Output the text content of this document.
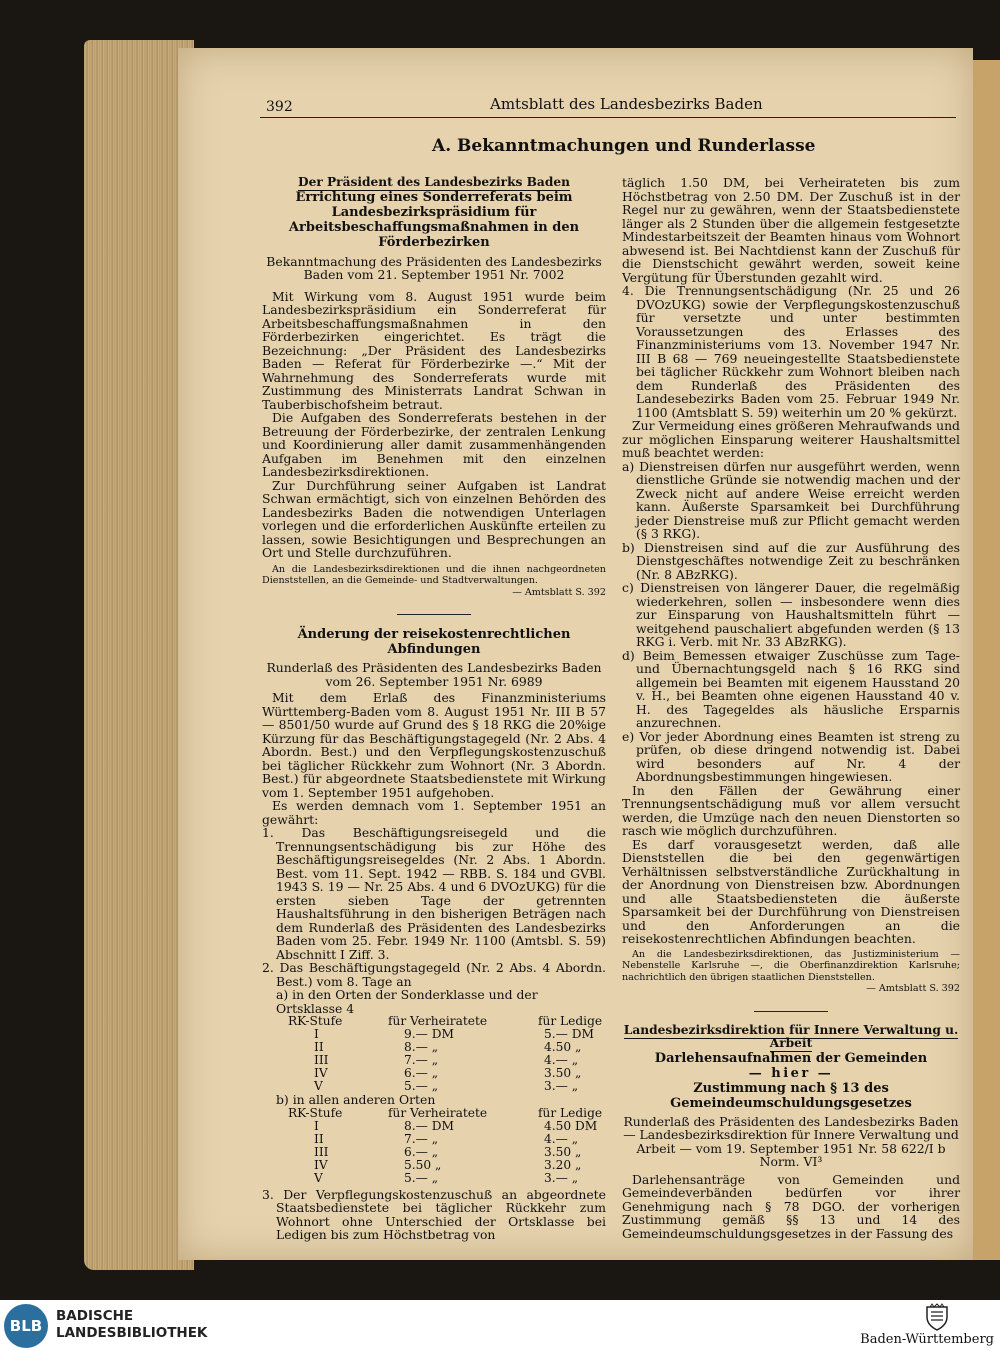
392	Amtsblatt des Landesbezirks Baden
A. Bekanntmachungen und Runderlasse

Der Präsident des Landesbezirks Baden

Errichtung eines Sonderreferats beim Landesbezirkspräsidium für Arbeitsbeschaffungsmaßnahmen in den Förderbezirken

Bekanntmachung des Präsidenten des Landesbezirks Baden vom 21. September 1951 Nr. 7002

Mit Wirkung vom 8. August 1951 wurde beim Landesbezirkspräsidium ein Sonderreferat für Arbeitsbeschaffungsmaßnahmen in den Förderbezirken eingerichtet. Es trägt die Bezeichnung: „Der Präsident des Landesbezirks Baden — Referat für Förderbezirke —.“ Mit der Wahrnehmung des Sonderreferats wurde mit Zustimmung des Ministerrats Landrat Schwan in Tauberbischofsheim betraut.

Die Aufgaben des Sonderreferats bestehen in der Betreuung der Förderbezirke, der zentralen Lenkung und Koordinierung aller damit zusammenhängenden Aufgaben im Benehmen mit den einzelnen Landesbezirksdirektionen.

Zur Durchführung seiner Aufgaben ist Landrat Schwan ermächtigt, sich von einzelnen Behörden des Landesbezirks Baden die notwendigen Unterlagen vorlegen und die erforderlichen Auskünfte erteilen zu lassen, sowie Besichtigungen und Besprechungen an Ort und Stelle durchzuführen.

An die Landesbezirksdirektionen und die ihnen nachgeordneten Dienststellen, an die Gemeinde- und Stadtverwaltungen.

— Amtsblatt S. 392

Änderung der reisekostenrechtlichen Abfindungen

Runderlaß des Präsidenten des Landesbezirks Baden vom 26. September 1951 Nr. 6989

Mit dem Erlaß des Finanzministeriums Württemberg-Baden vom 8. August 1951 Nr. III B 57 — 8501/50 wurde auf Grund des § 18 RKG die 20%ige Kürzung für das Beschäftigungstagegeld (Nr. 2 Abs. 4 Abordn. Best.) und den Verpflegungskostenzuschuß bei täglicher Rückkehr zum Wohnort (Nr. 3 Abordn. Best.) für abgeordnete Staatsbedienstete mit Wirkung vom 1. September 1951 aufgehoben.

Es werden demnach vom 1. September 1951 an gewährt:

1. Das Beschäftigungsreisegeld und die Trennungsentschädigung bis zur Höhe des Beschäftigungsreisegeldes (Nr. 2 Abs. 1 Abordn. Best. vom 11. Sept. 1942 — RBB. S. 184 und GVBl. 1943 S. 19 — Nr. 25 Abs. 4 und 6 DVOzUKG) für die ersten sieben Tage der getrennten Haushaltsführung in den bisherigen Beträgen nach dem Runderlaß des Präsidenten des Landesbezirks Baden vom 25. Febr. 1949 Nr. 1100 (Amtsbl. S. 59) Abschnitt I Ziff. 3.

2. Das Beschäftigungstagegeld (Nr. 2 Abs. 4 Abordn. Best.) vom 8. Tage an

a) in den Orten der Sonderklasse und der Ortsklasse 4

RK-Stufe	für Verheiratete	für Ledige
I	9.— DM	5.— DM
II	8.— „	4.50 „
III	7.— „	4.— „
IV	6.— „	3.50 „
V	5.— „	3.— „

b) in allen anderen Orten

RK-Stufe	für Verheiratete	für Ledige
I	8.— DM	4.50 DM
II	7.— „	4.— „
III	6.— „	3.50 „
IV	5.50 „	3.20 „
V	5.— „	3.— „

3. Der Verpflegungskostenzuschuß an abgeordnete Staatsbedienstete bei täglicher Rückkehr zum Wohnort ohne Unterschied der Ortsklasse bei Ledigen bis zum Höchstbetrag von

täglich 1.50 DM, bei Verheirateten bis zum Höchstbetrag von 2.50 DM. Der Zuschuß ist in der Regel nur zu gewähren, wenn der Staatsbedienstete länger als 2 Stunden über die allgemein festgesetzte Mindestarbeitszeit der Beamten hinaus vom Wohnort abwesend ist. Bei Nachtdienst kann der Zuschuß für die Dienstschicht gewährt werden, soweit keine Vergütung für Überstunden gezahlt wird.

4. Die Trennungsentschädigung (Nr. 25 und 26 DVOzUKG) sowie der Verpflegungskostenzuschuß für versetzte und unter bestimmten Voraussetzungen des Erlasses des Finanzministeriums vom 13. November 1947 Nr. III B 68 — 769 neueingestellte Staatsbedienstete bei täglicher Rückkehr zum Wohnort bleiben nach dem Runderlaß des Präsidenten des Landesebezirks Baden vom 25. Februar 1949 Nr. 1100 (Amtsblatt S. 59) weiterhin um 20 % gekürzt.

Zur Vermeidung eines größeren Mehraufwands und zur möglichen Einsparung weiterer Haushaltsmittel muß beachtet werden:

a) Dienstreisen dürfen nur ausgeführt werden, wenn dienstliche Gründe sie notwendig machen und der Zweck nicht auf andere Weise erreicht werden kann. Äußerste Sparsamkeit bei Durchführung jeder Dienstreise muß zur Pflicht gemacht werden (§ 3 RKG).

b) Dienstreisen sind auf die zur Ausführung des Dienstgeschäftes notwendige Zeit zu beschränken (Nr. 8 ABzRKG).

c) Dienstreisen von längerer Dauer, die regelmäßig wiederkehren, sollen — insbesondere wenn dies zur Einsparung von Haushaltsmitteln führt — weitgehend pauschaliert abgefunden werden (§ 13 RKG i. Verb. mit Nr. 33 ABzRKG).

d) Beim Bemessen etwaiger Zuschüsse zum Tage- und Übernachtungsgeld nach § 16 RKG sind allgemein bei Beamten mit eigenem Hausstand 20 v. H., bei Beamten ohne eigenen Hausstand 40 v. H. des Tagegeldes als häusliche Ersparnis anzurechnen.

e) Vor jeder Abordnung eines Beamten ist streng zu prüfen, ob diese dringend notwendig ist. Dabei wird besonders auf Nr. 4 der Abordnungsbestimmungen hingewiesen.

In den Fällen der Gewährung einer Trennungsentschädigung muß vor allem versucht werden, die Umzüge nach den neuen Dienstorten so rasch wie möglich durchzuführen.

Es darf vorausgesetzt werden, daß alle Dienststellen die bei den gegenwärtigen Verhältnissen selbstverständliche Zurückhaltung in der Anordnung von Dienstreisen bzw. Abordnungen und alle Staatsbediensteten die äußerste Sparsamkeit bei der Durchführung von Dienstreisen und den Anforderungen an die reisekostenrechtlichen Abfindungen beachten.

An die Landesbezirksdirektionen, das Justizministerium — Nebenstelle Karlsruhe —, die Oberfinanzdirektion Karlsruhe; nachrichtlich den übrigen staatlichen Dienststellen.

— Amtsblatt S. 392

Landesbezirksdirektion für Innere Verwaltung u. Arbeit

Darlehensaufnahmen der Gemeinden

— hier —

Zustimmung nach § 13 des Gemeindeumschuldungsgesetzes

Runderlaß des Präsidenten des Landesbezirks Baden — Landesbezirksdirektion für Innere Verwaltung und Arbeit — vom 19. September 1951 Nr. 58 622/I b Norm. VI³

Darlehensanträge von Gemeinden und Gemeindeverbänden bedürfen vor ihrer Genehmigung nach § 78 DGO. der vorherigen Zustimmung gemäß §§ 13 und 14 des Gemeindeumschuldungsgesetzes in der Fassung des

BLB
BADISCHE
LANDESBIBLIOTHEK	Baden-Württemberg
